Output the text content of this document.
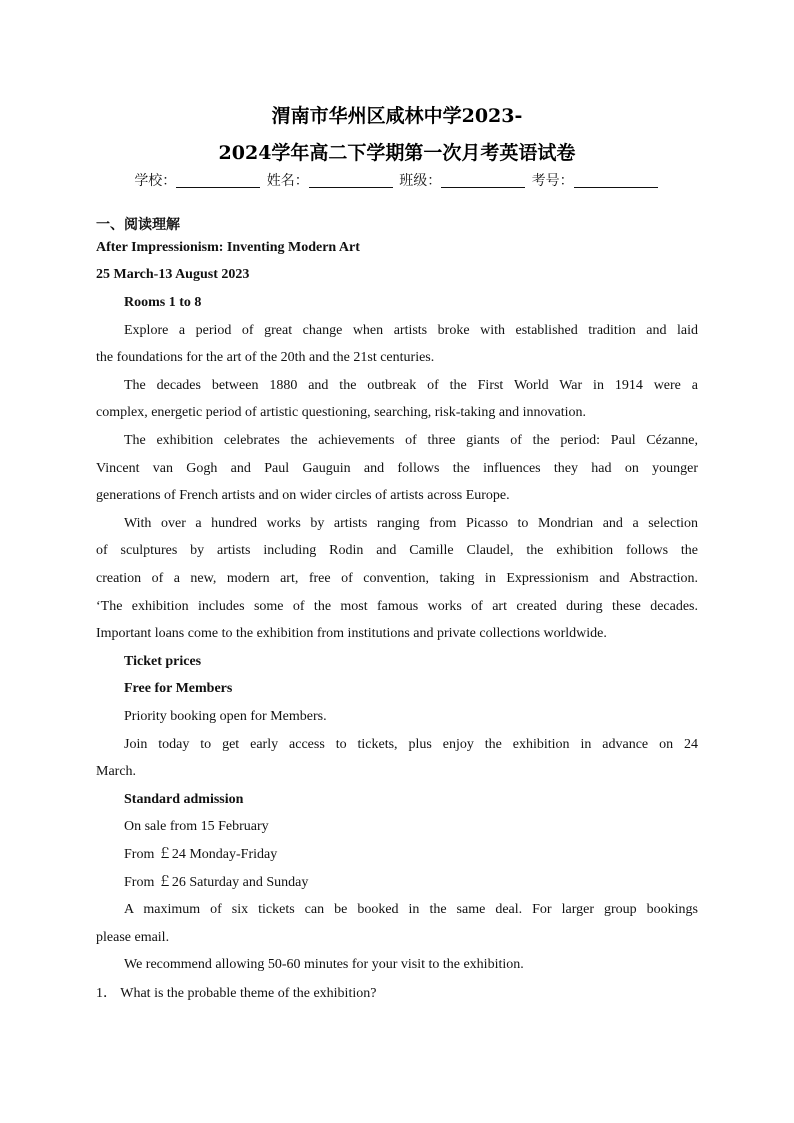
渭南市华州区咸林中学2023-
2024学年高二下学期第一次月考英语试卷
学校：	姓名：	班级：	考号：
一、阅读理解
After Impressionism: Inventing Modern Art
25 March-13 August 2023
Rooms 1 to 8
Explore a period of great change when artists broke with established tradition and laid
the foundations for the art of the 20th and the 21st centuries.
The decades between 1880 and the outbreak of the First World War in 1914 were a
complex, energetic period of artistic questioning, searching, risk-taking and innovation.
The exhibition celebrates the achievements of three giants of the period: Paul Cézanne,
Vincent van Gogh and Paul Gauguin and follows the influences they had on younger
generations of French artists and on wider circles of artists across Europe.
With over a hundred works by artists ranging from Picasso to Mondrian and a selection
of sculptures by artists including Rodin and Camille Claudel, the exhibition follows the
creation of a new, modern art, free of convention, taking in Expressionism and Abstraction.
‘The exhibition includes some of the most famous works of art created during these decades.
Important loans come to the exhibition from institutions and private collections worldwide.
Ticket prices
Free for Members
Priority booking open for Members.
Join today to get early access to tickets, plus enjoy the exhibition in advance on 24
March.
Standard admission
On sale from 15 February
From ￡24 Monday-Friday
From ￡26 Saturday and Sunday
A maximum of six tickets can be booked in the same deal. For larger group bookings
please email.
We recommend allowing 50-60 minutes for your visit to the exhibition.
1． What is the probable theme of the exhibition?
